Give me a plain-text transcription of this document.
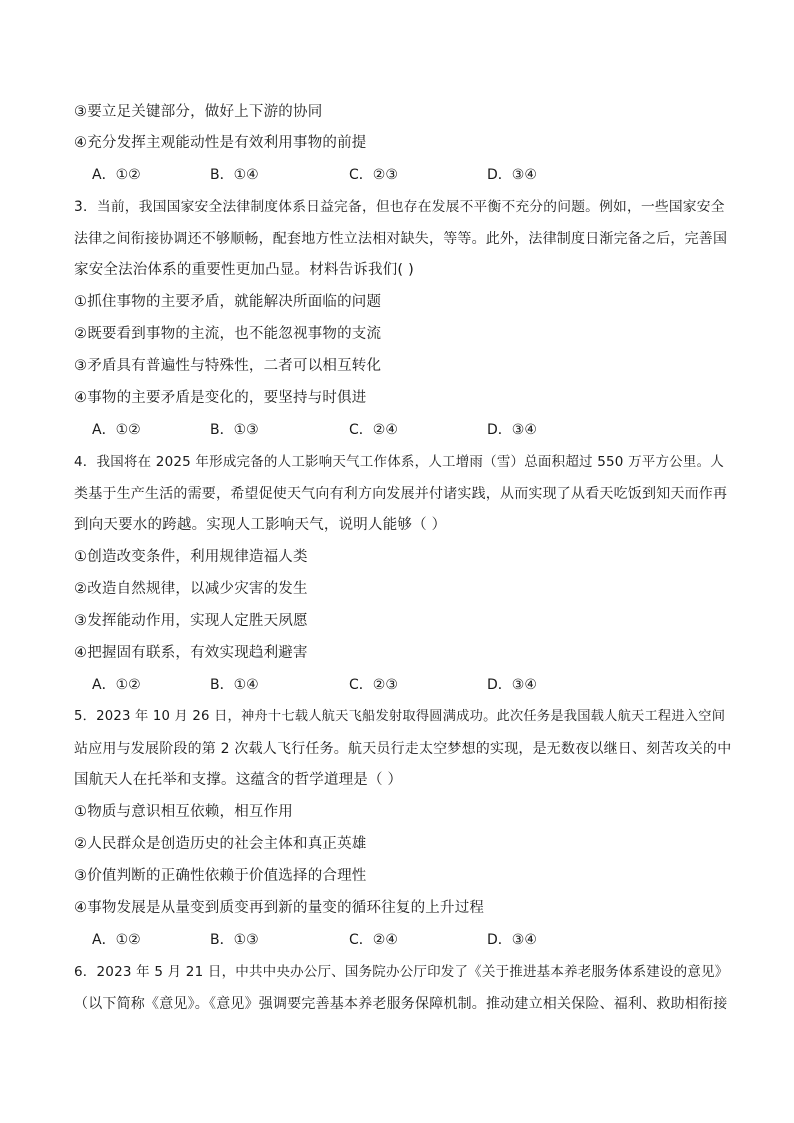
③要立足关键部分，做好上下游的协同
④充分发挥主观能动性是有效利用事物的前提
A．①②	B．①④	C．②③	D．③④
3．当前，我国国家安全法律制度体系日益完备，但也存在发展不平衡不充分的问题。例如，一些国家安全
法律之间衔接协调还不够顺畅，配套地方性立法相对缺失，等等。此外，法律制度日渐完备之后，完善国
家安全法治体系的重要性更加凸显。材料告诉我们( )
①抓住事物的主要矛盾，就能解决所面临的问题
②既要看到事物的主流，也不能忽视事物的支流
③矛盾具有普遍性与特殊性，二者可以相互转化
④事物的主要矛盾是变化的，要坚持与时俱进
A．①②	B．①③	C．②④	D．③④
4．我国将在 2025 年形成完备的人工影响天气工作体系，人工增雨（雪）总面积超过 550 万平方公里。人
类基于生产生活的需要，希望促使天气向有利方向发展并付诸实践，从而实现了从看天吃饭到知天而作再
到向天要水的跨越。实现人工影响天气，说明人能够（ ）
①创造改变条件，利用规律造福人类
②改造自然规律，以减少灾害的发生
③发挥能动作用，实现人定胜天夙愿
④把握固有联系，有效实现趋利避害
A．①②	B．①④	C．②③	D．③④
5．2023 年 10 月 26 日，神舟十七载人航天飞船发射取得圆满成功。此次任务是我国载人航天工程进入空间
站应用与发展阶段的第 2 次载人飞行任务。航天员行走太空梦想的实现，是无数夜以继日、刻苦攻关的中
国航天人在托举和支撑。这蕴含的哲学道理是（ ）
①物质与意识相互依赖，相互作用
②人民群众是创造历史的社会主体和真正英雄
③价值判断的正确性依赖于价值选择的合理性
④事物发展是从量变到质变再到新的量变的循环往复的上升过程
A．①②	B．①③	C．②④	D．③④
6．2023 年 5 月 21 日，中共中央办公厅、国务院办公厅印发了《关于推进基本养老服务体系建设的意见》
（以下简称《意见》。《意见》强调要完善基本养老服务保障机制。推动建立相关保险、福利、救助相衔接
